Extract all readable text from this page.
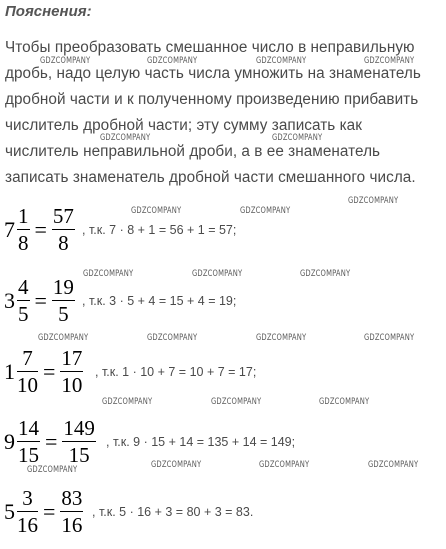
Пояснения:
Чтобы преобразовать смешанное число в неправильную
дробь, надо целую часть числа умножить на знаменатель
дробной части и к полученному произведению прибавить
числитель дробной части; эту сумму записать как
числитель неправильной дроби, а в ее знаменатель
записать знаменатель дробной части смешанного числа.
$7 \frac{1}{8} = \frac{57}{8}$ , т.к. 7 · 8 + 1 = 56 + 1 = 57;
$3 \frac{4}{5} = \frac{19}{5}$ , т.к. 3 · 5 + 4 = 15 + 4 = 19;
$1 \frac{7}{10} = \frac{17}{10}$ , т.к. 1 · 10 + 7 = 10 + 7 = 17;
$9 \frac{14}{15} = \frac{149}{15}$ , т.к. 9 · 15 + 14 = 135 + 14 = 149;
$5 \frac{3}{16} = \frac{83}{16}$ , т.к. 5 · 16 + 3 = 80 + 3 = 83.
GDZCOMPANY	GDZCOMPANY	GDZCOMPANY	GDZCOMPANY
GDZCOMPANY	GDZCOMPANY
GDZCOMPANY
GDZCOMPANY	GDZCOMPANY
GDZCOMPANY	GDZCOMPANY	GDZCOMPANY
GDZCOMPANY	GDZCOMPANY	GDZCOMPANY	GDZCOMPANY
GDZCOMPANY	GDZCOMPANY	GDZCOMPANY
GDZCOMPANY	GDZCOMPANY	GDZCOMPANY
GDZCOMPANY
